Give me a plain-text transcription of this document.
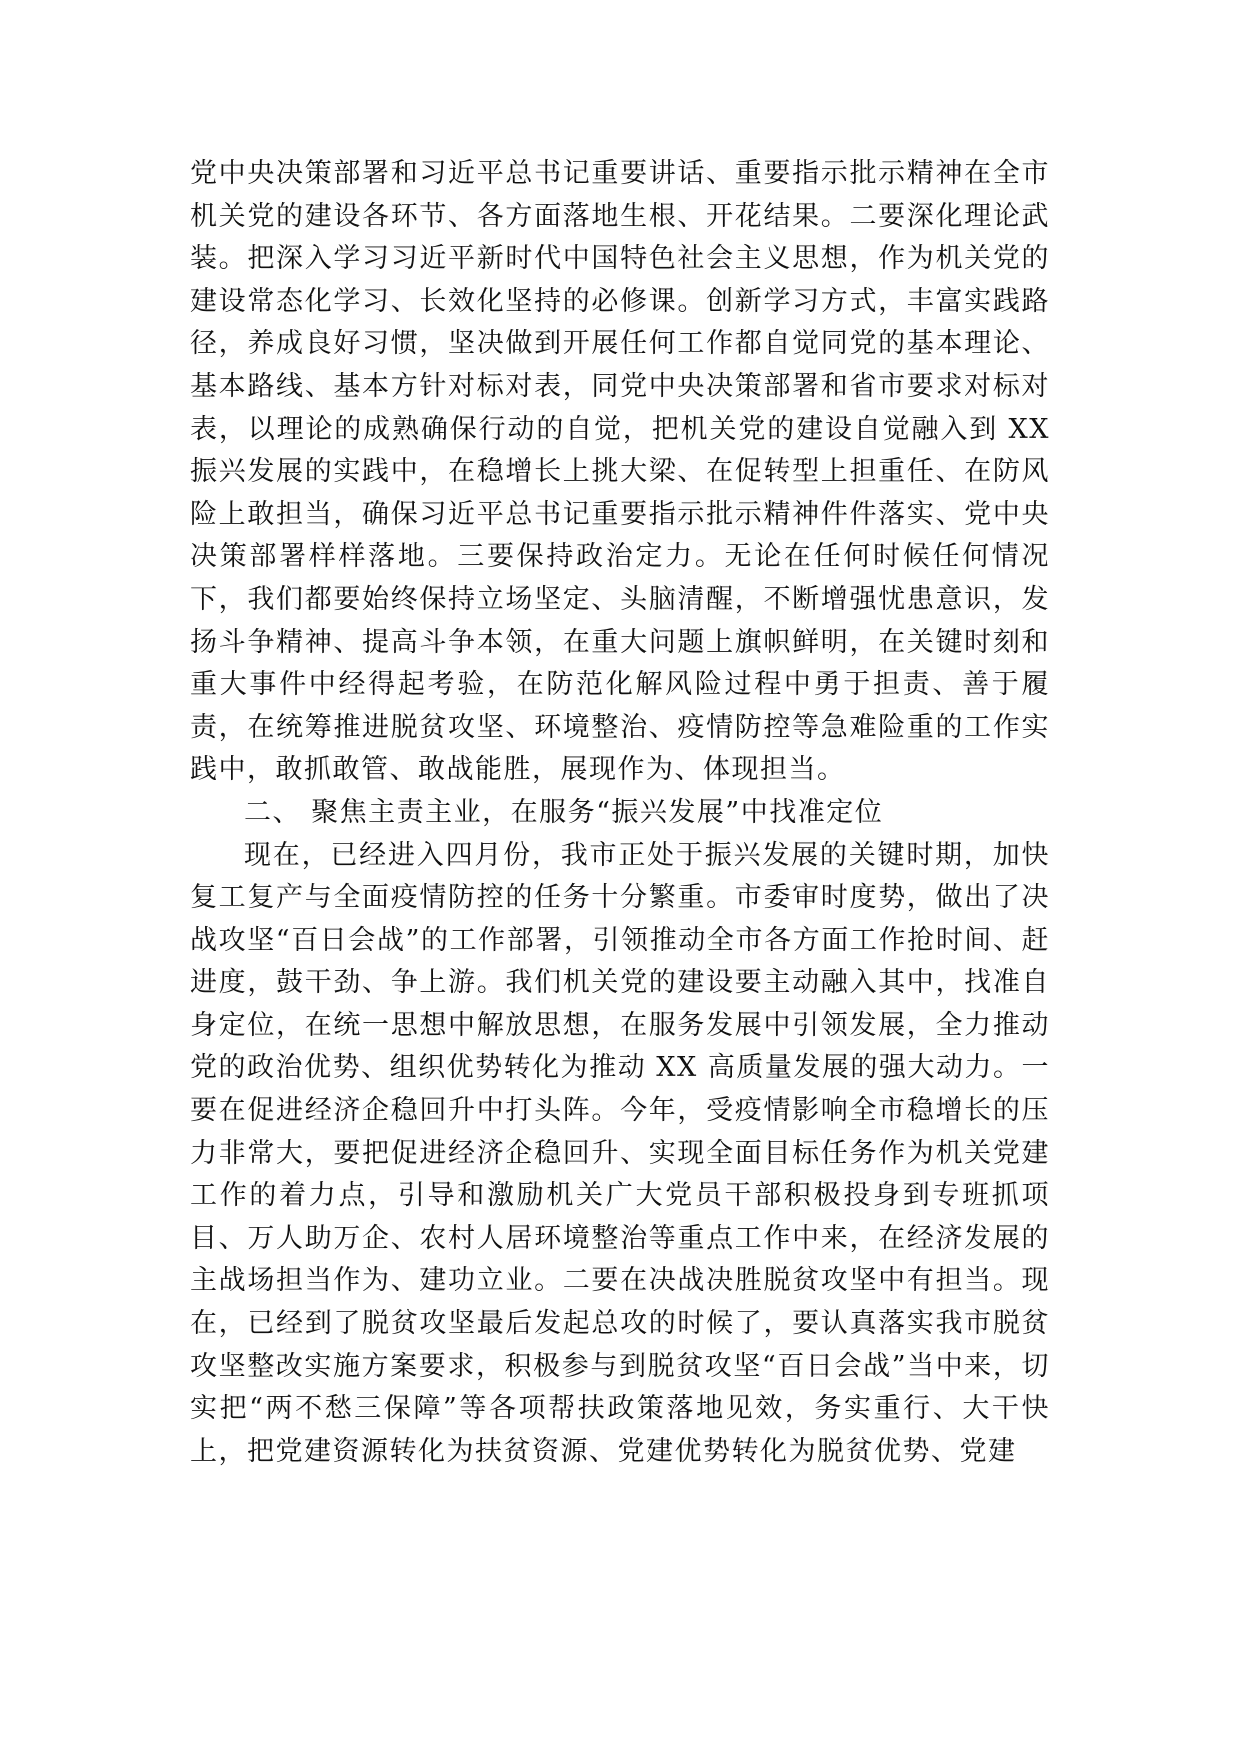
党中央决策部署和习近平总书记重要讲话、重要指示批示精神在全市机关党的建设各环节、各方面落地生根、开花结果。二要深化理论武装。把深入学习习近平新时代中国特色社会主义思想，作为机关党的建设常态化学习、长效化坚持的必修课。创新学习方式，丰富实践路径，养成良好习惯，坚决做到开展任何工作都自觉同党的基本理论、基本路线、基本方针对标对表，同党中央决策部署和省市要求对标对表，以理论的成熟确保行动的自觉，把机关党的建设自觉融入到 XX 振兴发展的实践中，在稳增长上挑大梁、在促转型上担重任、在防风险上敢担当，确保习近平总书记重要指示批示精神件件落实、党中央决策部署样样落地。三要保持政治定力。无论在任何时候任何情况下，我们都要始终保持立场坚定、头脑清醒，不断增强忧患意识，发扬斗争精神、提高斗争本领，在重大问题上旗帜鲜明，在关键时刻和重大事件中经得起考验，在防范化解风险过程中勇于担责、善于履责，在统筹推进脱贫攻坚、环境整治、疫情防控等急难险重的工作实践中，敢抓敢管、敢战能胜，展现作为、体现担当。

二、 聚焦主责主业，在服务“振兴发展”中找准定位

现在，已经进入四月份，我市正处于振兴发展的关键时期，加快复工复产与全面疫情防控的任务十分繁重。市委审时度势，做出了决战攻坚“百日会战”的工作部署，引领推动全市各方面工作抢时间、赶进度，鼓干劲、争上游。我们机关党的建设要主动融入其中，找准自身定位，在统一思想中解放思想，在服务发展中引领发展，全力推动党的政治优势、组织优势转化为推动 XX 高质量发展的强大动力。一要在促进经济企稳回升中打头阵。今年，受疫情影响全市稳增长的压力非常大，要把促进经济企稳回升、实现全面目标任务作为机关党建工作的着力点，引导和激励机关广大党员干部积极投身到专班抓项目、万人助万企、农村人居环境整治等重点工作中来，在经济发展的主战场担当作为、建功立业。二要在决战决胜脱贫攻坚中有担当。现在，已经到了脱贫攻坚最后发起总攻的时候了，要认真落实我市脱贫攻坚整改实施方案要求，积极参与到脱贫攻坚“百日会战”当中来，切实把“两不愁三保障”等各项帮扶政策落地见效，务实重行、大干快上，把党建资源转化为扶贫资源、党建优势转化为脱贫优势、党建
